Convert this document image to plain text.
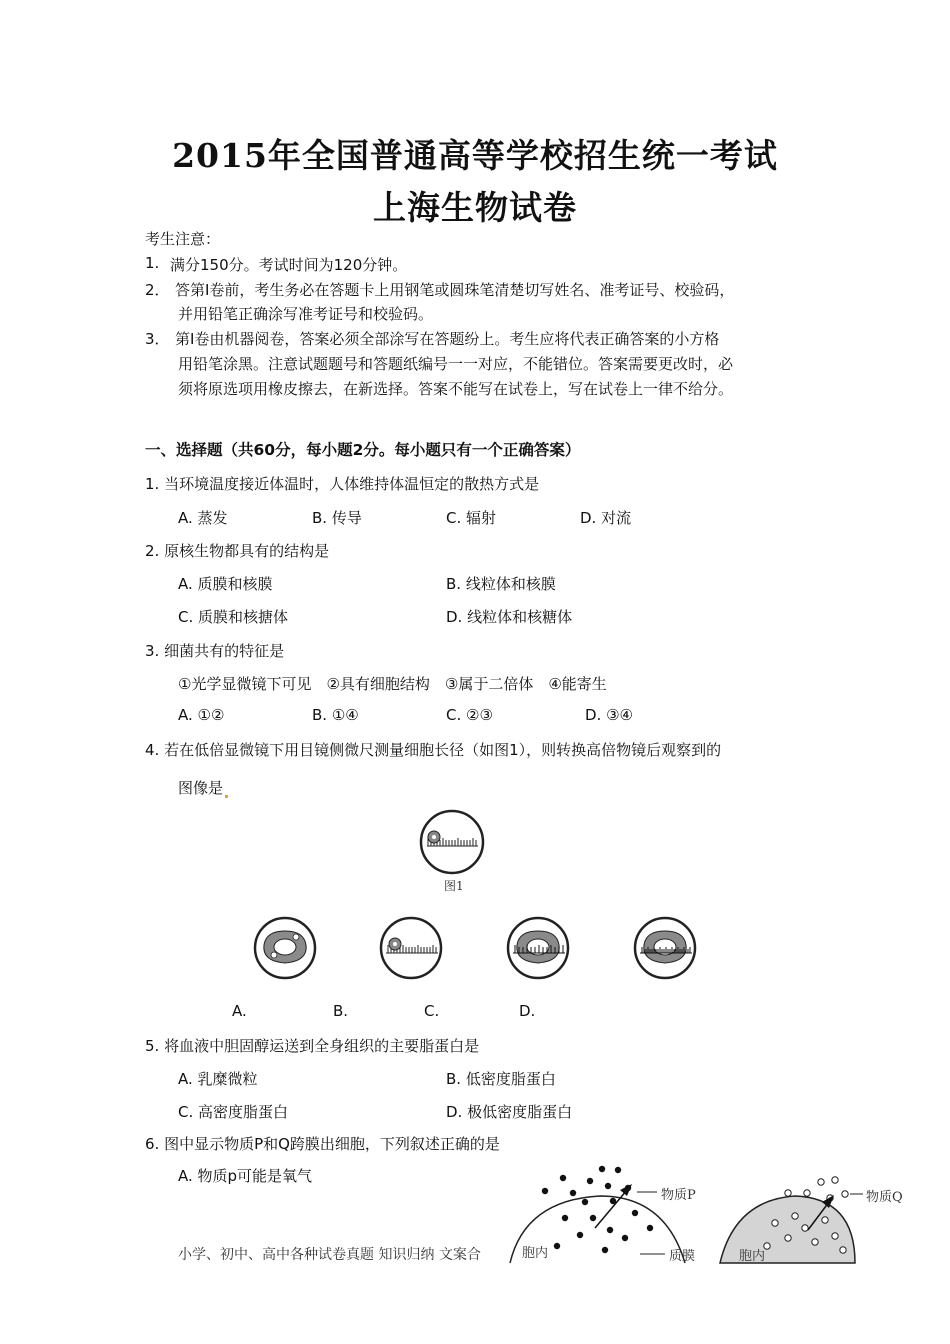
2015年全国普通高等学校招生统一考试
上海生物试卷
考生注意：
1. 满分150分。考试时间为120分钟。
2． 答第Ⅰ卷前，考生务必在答题卡上用钢笔或圆珠笔清楚切写姓名、准考证号、校验码，
并用铅笔正确涂写准考证号和校验码。
3． 第Ⅰ卷由机器阅卷，答案必须全部涂写在答题纷上。考生应将代表正确答案的小方格
用铅笔涂黑。注意试题题号和答题纸编号一一对应，不能错位。答案需要更改时，必
须将原选项用橡皮擦去，在新选择。答案不能写在试卷上，写在试卷上一律不给分。
一、选择题（共60分，每小题2分。每小题只有一个正确答案）
1. 当环境温度接近体温时，人体维持体温恒定的散热方式是
A. 蒸发	B. 传导	C. 辐射	D. 对流
2. 原核生物都具有的结构是
A. 质膜和核膜	B. 线粒体和核膜
C. 质膜和核搪体	D. 线粒体和核糖体
3. 细菌共有的特征是
①光学显微镜下可见　②具有细胞结构　③属于二倍体　④能寄生
A. ①②	B. ①④	C. ②③	D. ③④
4. 若在低倍显微镜下用目镜侧微尺测量细胞长径（如图1），则转换高倍物镜后观察到的
图像是
图1
A.	B.	C.	D.
5. 将血液中胆固醇运送到全身组织的主要脂蛋白是
A. 乳糜微粒	B. 低密度脂蛋白
C. 高密度脂蛋白	D. 极低密度脂蛋白
6. 图中显示物质P和Q跨膜出细胞，下列叙述正确的是
A. 物质p可能是氧气
物质P	物质Q
胞内	质膜	胞内
小学、初中、高中各种试卷真题 知识归纳 文案合
